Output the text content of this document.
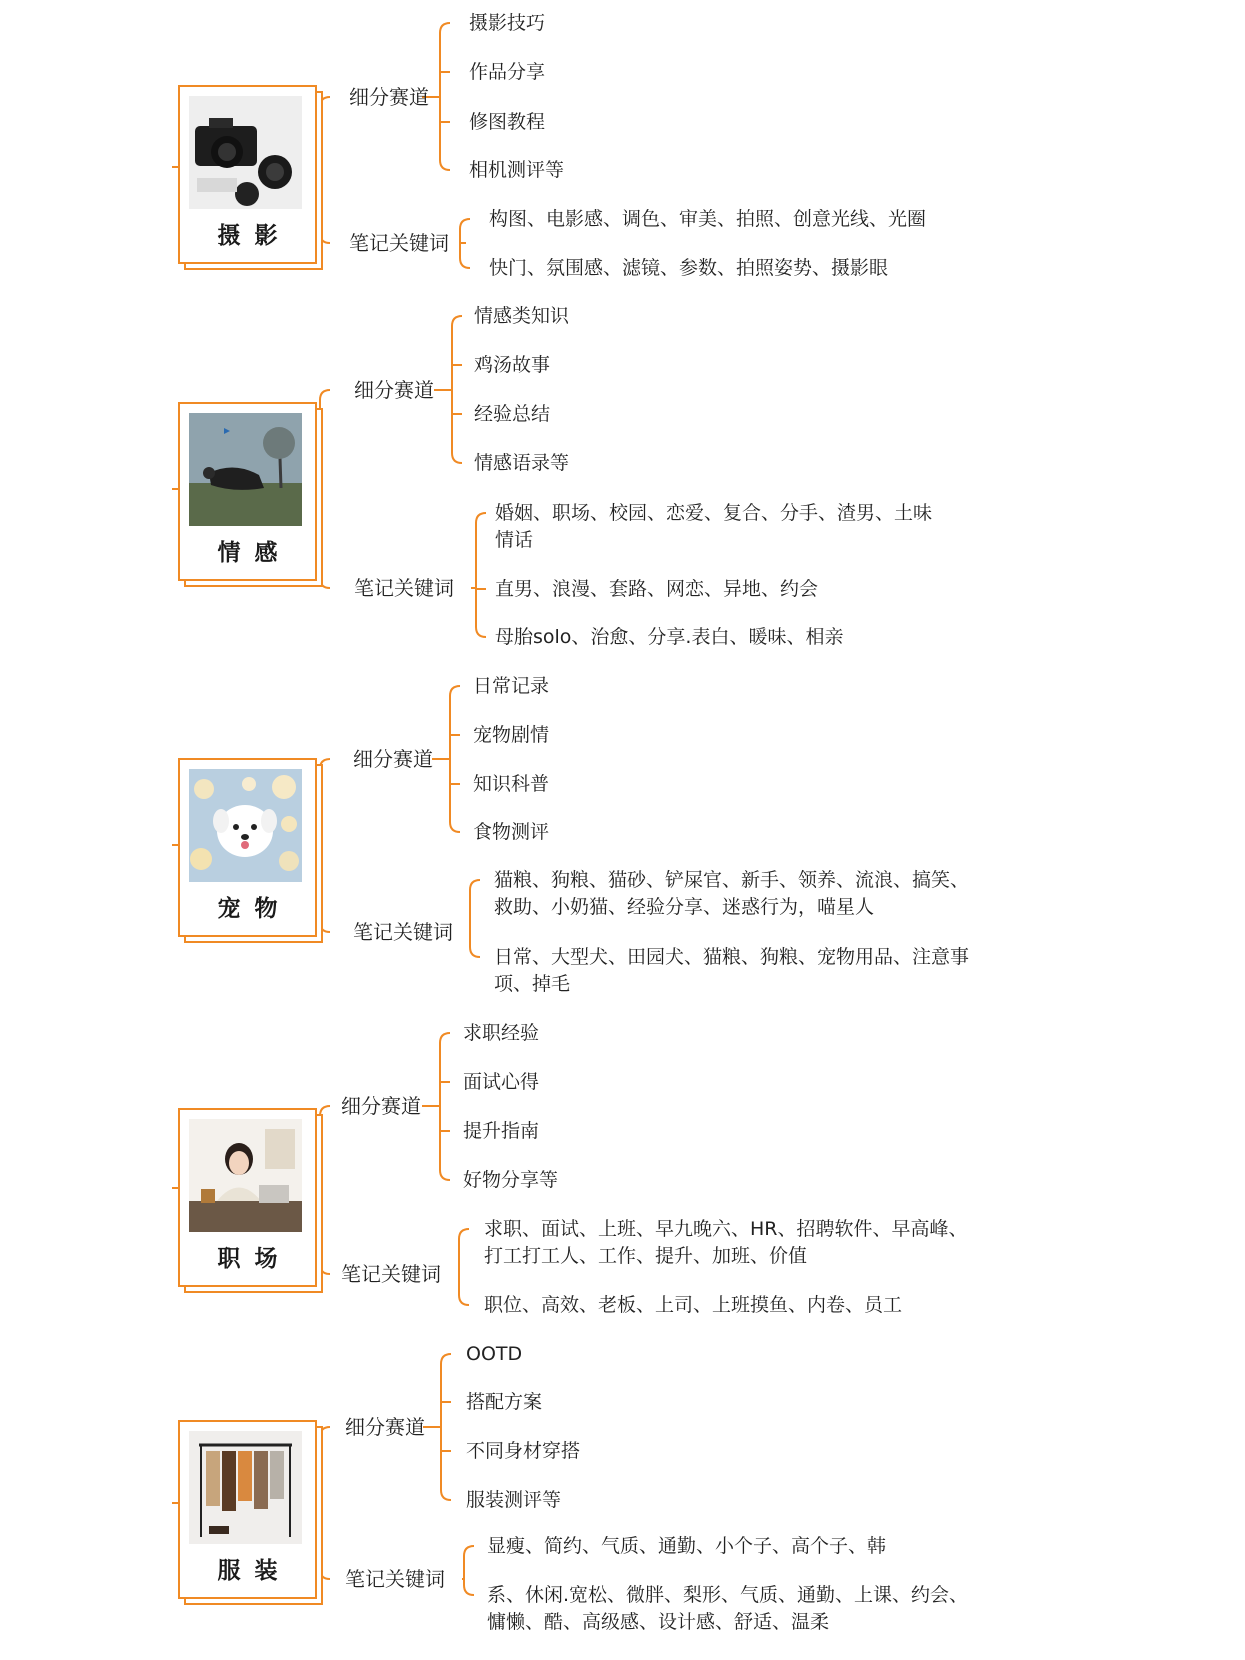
摄影
细分赛道
笔记关键词
摄影技巧
作品分享
修图教程
相机测评等
构图、电影感、调色、审美、拍照、创意光线、光圈
快门、氛围感、滤镜、参数、拍照姿势、摄影眼
情感
细分赛道
笔记关键词
情感类知识
鸡汤故事
经验总结
情感语录等
婚姻、职场、校园、恋爱、复合、分手、渣男、土味
情话
直男、浪漫、套路、网恋、异地、约会
母胎solo、治愈、分享.表白、暖味、相亲
宠物
细分赛道
笔记关键词
日常记录
宠物剧情
知识科普
食物测评
猫粮、狗粮、猫砂、铲屎官、新手、领养、流浪、搞笑、
救助、小奶猫、经验分享、迷惑行为，喵星人
日常、大型犬、田园犬、猫粮、狗粮、宠物用品、注意事
项、掉毛
职场
细分赛道
笔记关键词
求职经验
面试心得
提升指南
好物分享等
求职、面试、上班、早九晚六、HR、招聘软件、早高峰、
打工打工人、工作、提升、加班、价值
职位、高效、老板、上司、上班摸鱼、内卷、员工
服装
细分赛道
笔记关键词
OOTD
搭配方案
不同身材穿搭
服装测评等
显瘦、简约、气质、通勤、小个子、高个子、韩
系、休闲.宽松、微胖、梨形、气质、通勤、上课、约会、
慵懒、酷、高级感、设计感、舒适、温柔
